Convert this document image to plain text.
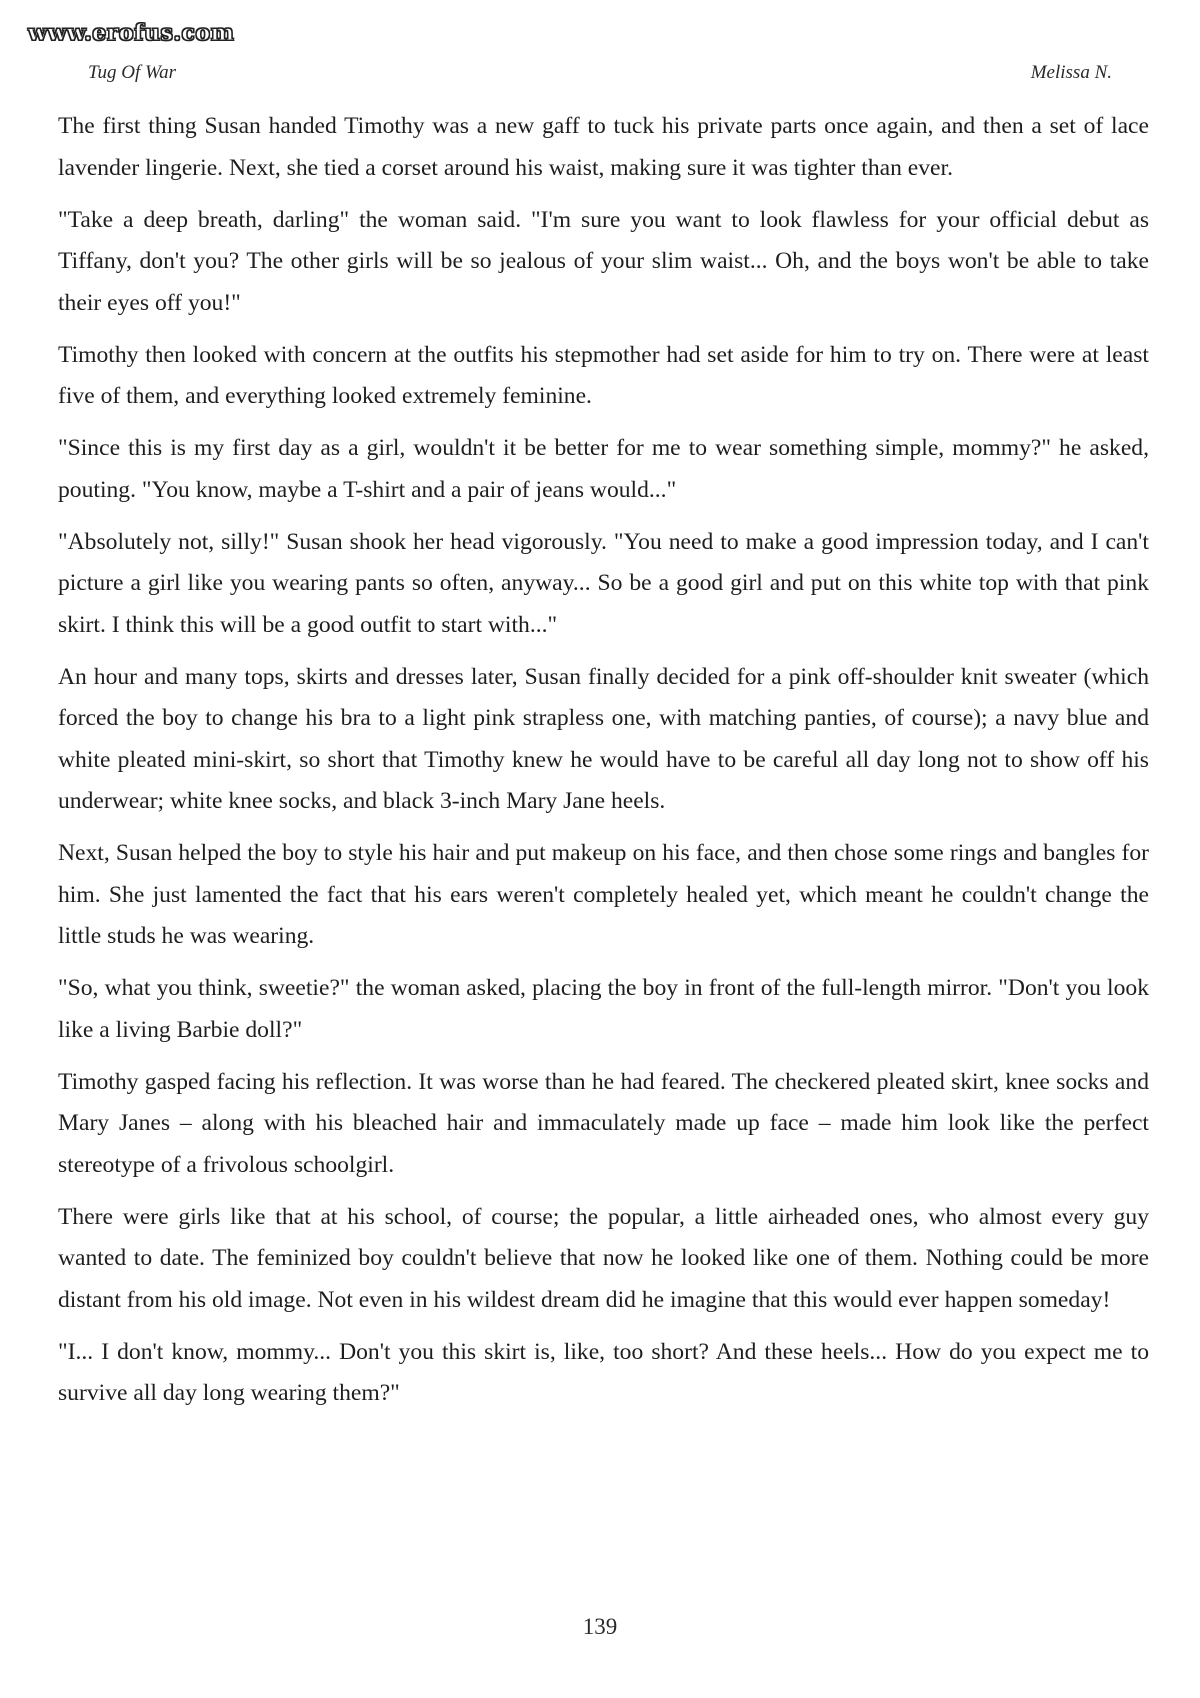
www.erofus.com
Tug Of War	Melissa N.

The first thing Susan handed Timothy was a new gaff to tuck his private parts once again, and then a set of lace lavender lingerie. Next, she tied a corset around his waist, making sure it was tighter than ever.

"Take a deep breath, darling" the woman said. "I'm sure you want to look flawless for your official debut as Tiffany, don't you? The other girls will be so jealous of your slim waist... Oh, and the boys won't be able to take their eyes off you!"

Timothy then looked with concern at the outfits his stepmother had set aside for him to try on. There were at least five of them, and everything looked extremely feminine.

"Since this is my first day as a girl, wouldn't it be better for me to wear something simple, mommy?" he asked, pouting. "You know, maybe a T-shirt and a pair of jeans would..."

"Absolutely not, silly!" Susan shook her head vigorously. "You need to make a good impression today, and I can't picture a girl like you wearing pants so often, anyway... So be a good girl and put on this white top with that pink skirt. I think this will be a good outfit to start with..."

An hour and many tops, skirts and dresses later, Susan finally decided for a pink off-shoulder knit sweater (which forced the boy to change his bra to a light pink strapless one, with matching panties, of course); a navy blue and white pleated mini-skirt, so short that Timothy knew he would have to be careful all day long not to show off his underwear; white knee socks, and black 3-inch Mary Jane heels.

Next, Susan helped the boy to style his hair and put makeup on his face, and then chose some rings and bangles for him. She just lamented the fact that his ears weren't completely healed yet, which meant he couldn't change the little studs he was wearing.

"So, what you think, sweetie?" the woman asked, placing the boy in front of the full-length mirror. "Don't you look like a living Barbie doll?"

Timothy gasped facing his reflection. It was worse than he had feared. The checkered pleated skirt, knee socks and Mary Janes – along with his bleached hair and immaculately made up face – made him look like the perfect stereotype of a frivolous schoolgirl.

There were girls like that at his school, of course; the popular, a little airheaded ones, who almost every guy wanted to date. The feminized boy couldn't believe that now he looked like one of them. Nothing could be more distant from his old image. Not even in his wildest dream did he imagine that this would ever happen someday!

"I... I don't know, mommy... Don't you this skirt is, like, too short? And these heels... How do you expect me to survive all day long wearing them?"

139
